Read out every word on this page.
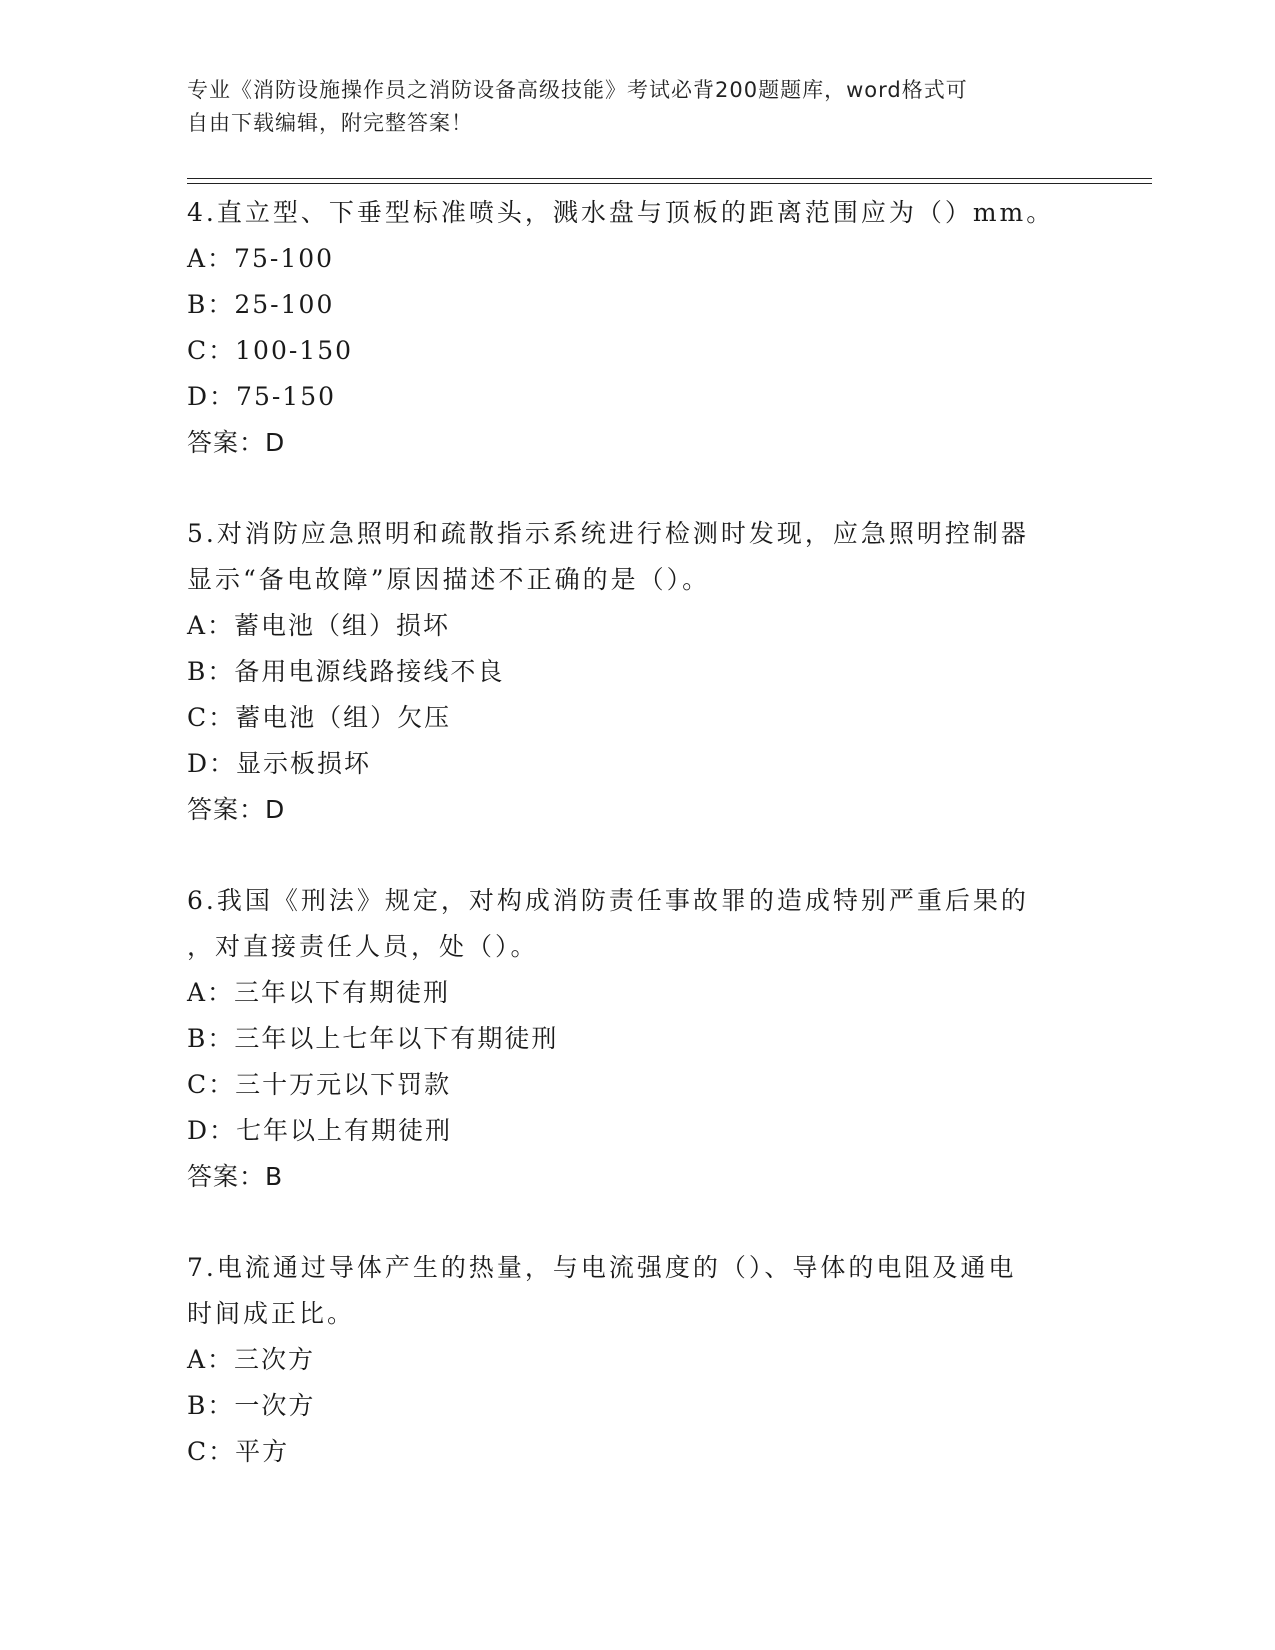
专业《消防设施操作员之消防设备高级技能》考试必背200题题库，word格式可
自由下载编辑，附完整答案！

4.直立型、下垂型标准喷头，溅水盘与顶板的距离范围应为（）mm。

A：75-100

B：25-100

C：100-150

D：75-150

答案：D

5.对消防应急照明和疏散指示系统进行检测时发现，应急照明控制器

显示“备电故障”原因描述不正确的是（）。

A：蓄电池（组）损坏

B：备用电源线路接线不良

C：蓄电池（组）欠压

D：显示板损坏

答案：D

6.我国《刑法》规定，对构成消防责任事故罪的造成特别严重后果的

，对直接责任人员，处（）。

A：三年以下有期徒刑

B：三年以上七年以下有期徒刑

C：三十万元以下罚款

D：七年以上有期徒刑

答案：B

7.电流通过导体产生的热量，与电流强度的（）、导体的电阻及通电

时间成正比。

A：三次方

B：一次方

C：平方
